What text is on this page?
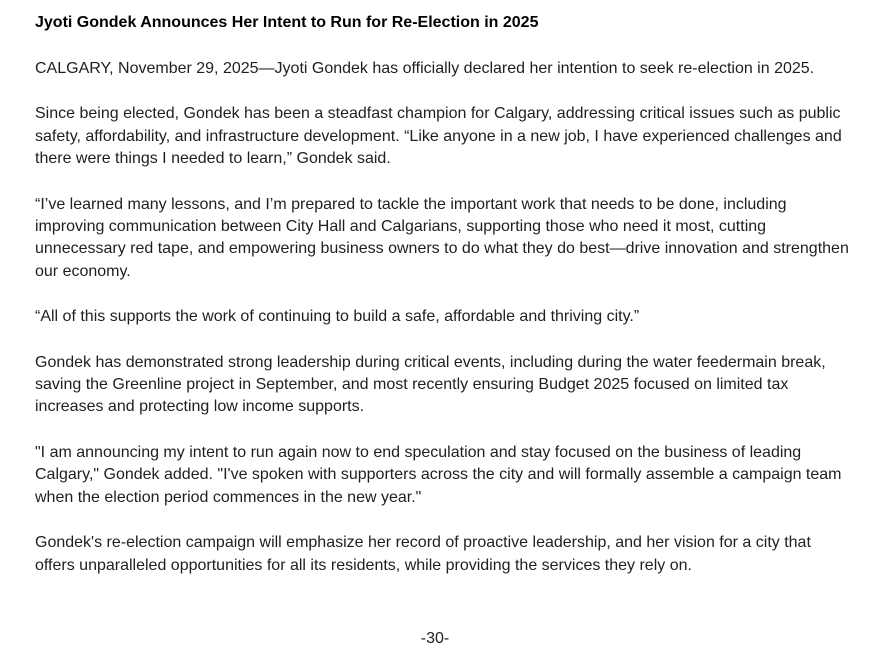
Jyoti Gondek Announces Her Intent to Run for Re-Election in 2025

CALGARY, November 29, 2025—Jyoti Gondek has officially declared her intention to seek re-election in 2025.

Since being elected, Gondek has been a steadfast champion for Calgary, addressing critical issues such as public safety, affordability, and infrastructure development. “Like anyone in a new job, I have experienced challenges and there were things I needed to learn,” Gondek said.

“I’ve learned many lessons, and I’m prepared to tackle the important work that needs to be done, including improving communication between City Hall and Calgarians, supporting those who need it most, cutting unnecessary red tape, and empowering business owners to do what they do best—drive innovation and strengthen our economy.

“All of this supports the work of continuing to build a safe, affordable and thriving city.”

Gondek has demonstrated strong leadership during critical events, including during the water feedermain break, saving the Greenline project in September, and most recently ensuring Budget 2025 focused on limited tax increases and protecting low income supports.

"I am announcing my intent to run again now to end speculation and stay focused on the business of leading Calgary," Gondek added. "I've spoken with supporters across the city and will formally assemble a campaign team when the election period commences in the new year."

Gondek's re-election campaign will emphasize her record of proactive leadership, and her vision for a city that offers unparalleled opportunities for all its residents, while providing the services they rely on.

-30-
